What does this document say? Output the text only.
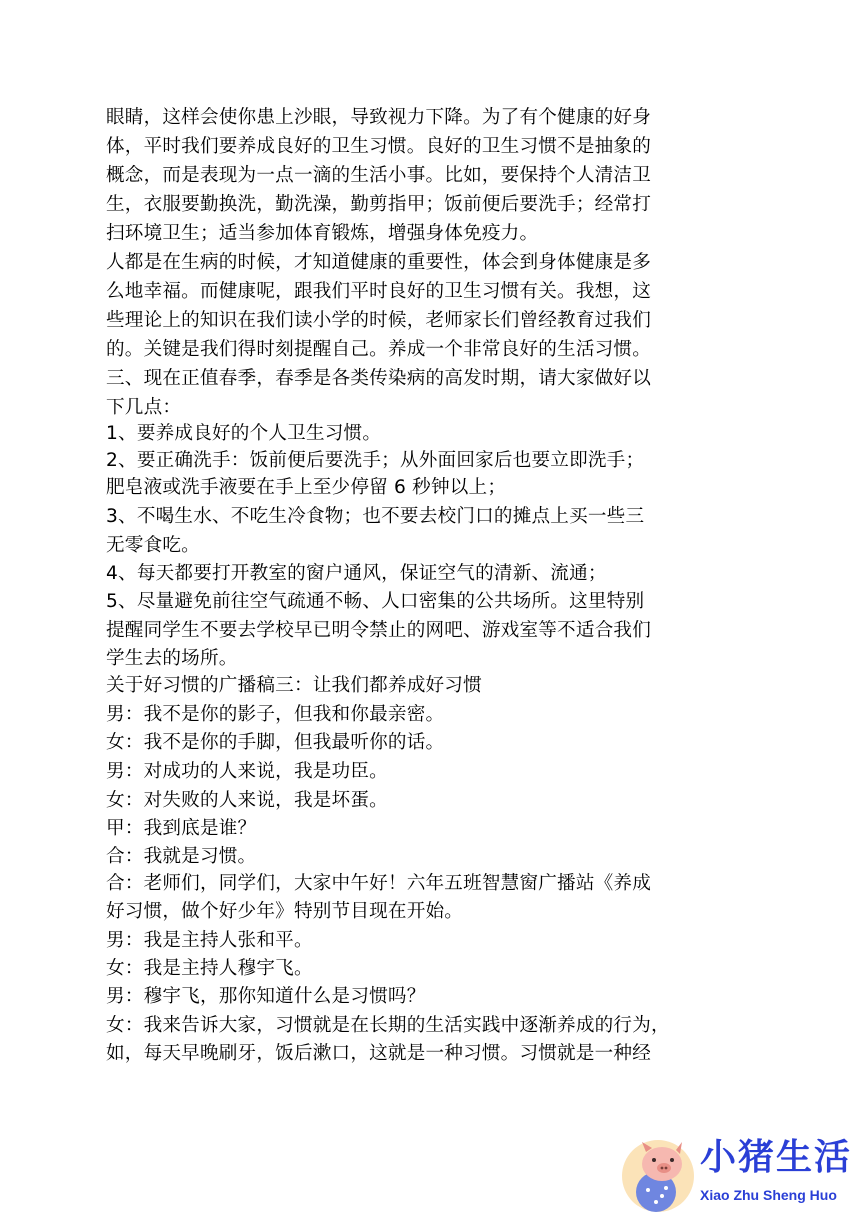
眼睛，这样会使你患上沙眼，导致视力下降。为了有个健康的好身
体，平时我们要养成良好的卫生习惯。良好的卫生习惯不是抽象的
概念，而是表现为一点一滴的生活小事。比如，要保持个人清洁卫
生，衣服要勤换洗，勤洗澡，勤剪指甲；饭前便后要洗手；经常打
扫环境卫生；适当参加体育锻炼，增强身体免疫力。
人都是在生病的时候，才知道健康的重要性，体会到身体健康是多
么地幸福。而健康呢，跟我们平时良好的卫生习惯有关。我想，这
些理论上的知识在我们读小学的时候，老师家长们曾经教育过我们
的。关键是我们得时刻提醒自己。养成一个非常良好的生活习惯。
三、现在正值春季，春季是各类传染病的高发时期，请大家做好以
下几点：
1、要养成良好的个人卫生习惯。
2、要正确洗手：饭前便后要洗手；从外面回家后也要立即洗手；
肥皂液或洗手液要在手上至少停留 6 秒钟以上；
3、不喝生水、不吃生冷食物；也不要去校门口的摊点上买一些三
无零食吃。
4、每天都要打开教室的窗户通风，保证空气的清新、流通；
5、尽量避免前往空气疏通不畅、人口密集的公共场所。这里特别
提醒同学生不要去学校早已明令禁止的网吧、游戏室等不适合我们
学生去的场所。
关于好习惯的广播稿三：让我们都养成好习惯
男：我不是你的影子，但我和你最亲密。
女：我不是你的手脚，但我最听你的话。
男：对成功的人来说，我是功臣。
女：对失败的人来说，我是坏蛋。
甲：我到底是谁？
合：我就是习惯。
合：老师们，同学们，大家中午好！六年五班智慧窗广播站《养成
好习惯，做个好少年》特别节目现在开始。
男：我是主持人张和平。
女：我是主持人穆宇飞。
男：穆宇飞，那你知道什么是习惯吗？
女：我来告诉大家，习惯就是在长期的生活实践中逐渐养成的行为，
如，每天早晚刷牙，饭后漱口，这就是一种习惯。习惯就是一种经
小猪生活
Xiao Zhu Sheng Huo
